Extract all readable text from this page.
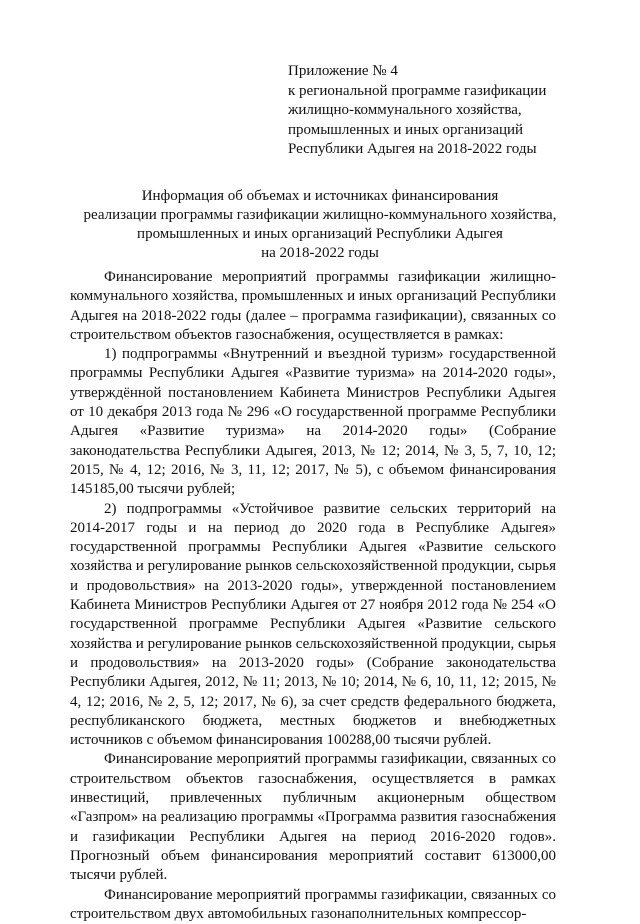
Приложение № 4
к региональной программе газификации
жилищно-коммунального хозяйства,
промышленных и иных организаций
Республики Адыгея на 2018-2022 годы
Информация об объемах и источниках финансирования
реализации программы газификации жилищно-коммунального хозяйства,
промышленных и иных организаций Республики Адыгея
на 2018-2022 годы

Финансирование мероприятий программы газификации жилищно-коммунального хозяйства, промышленных и иных организаций Республики Адыгея на 2018-2022 годы (далее – программа газификации), связанных со строительством объектов газоснабжения, осуществляется в рамках:

1) подпрограммы «Внутренний и въездной туризм» государственной программы Республики Адыгея «Развитие туризма» на 2014-2020 годы», утверждённой постановлением Кабинета Министров Республики Адыгея от 10 декабря 2013 года № 296 «О государственной программе Республики Адыгея «Развитие туризма» на 2014-2020 годы» (Собрание законодательства Республики Адыгея, 2013, № 12; 2014, № 3, 5, 7, 10, 12; 2015, № 4, 12; 2016, № 3, 11, 12; 2017, № 5), с объемом финансирования 145185,00 тысячи рублей;

2) подпрограммы «Устойчивое развитие сельских территорий на 2014-2017 годы и на период до 2020 года в Республике Адыгея» государственной программы Республики Адыгея «Развитие сельского хозяйства и регулирование рынков сельскохозяйственной продукции, сырья и продовольствия» на 2013-2020 годы», утвержденной постановлением Кабинета Министров Республики Адыгея от 27 ноября 2012 года № 254 «О государственной программе Республики Адыгея «Развитие сельского хозяйства и регулирование рынков сельскохозяйственной продукции, сырья и продовольствия» на 2013-2020 годы» (Собрание законодательства Республики Адыгея, 2012, № 11; 2013, № 10; 2014, № 6, 10, 11, 12; 2015, № 4, 12; 2016, № 2, 5, 12; 2017, № 6), за счет средств федерального бюджета, республиканского бюджета, местных бюджетов и внебюджетных источников с объемом финансирования 100288,00 тысячи рублей.

Финансирование мероприятий программы газификации, связанных со строительством объектов газоснабжения, осуществляется в рамках инвестиций, привлеченных публичным акционерным обществом «Газпром» на реализацию программы «Программа развития газоснабжения и газификации Республики Адыгея на период 2016-2020 годов». Прогнозный объем финансирования мероприятий составит 613000,00 тысячи рублей.

Финансирование мероприятий программы газификации, связанных со строительством двух автомобильных газонаполнительных компрессор-
